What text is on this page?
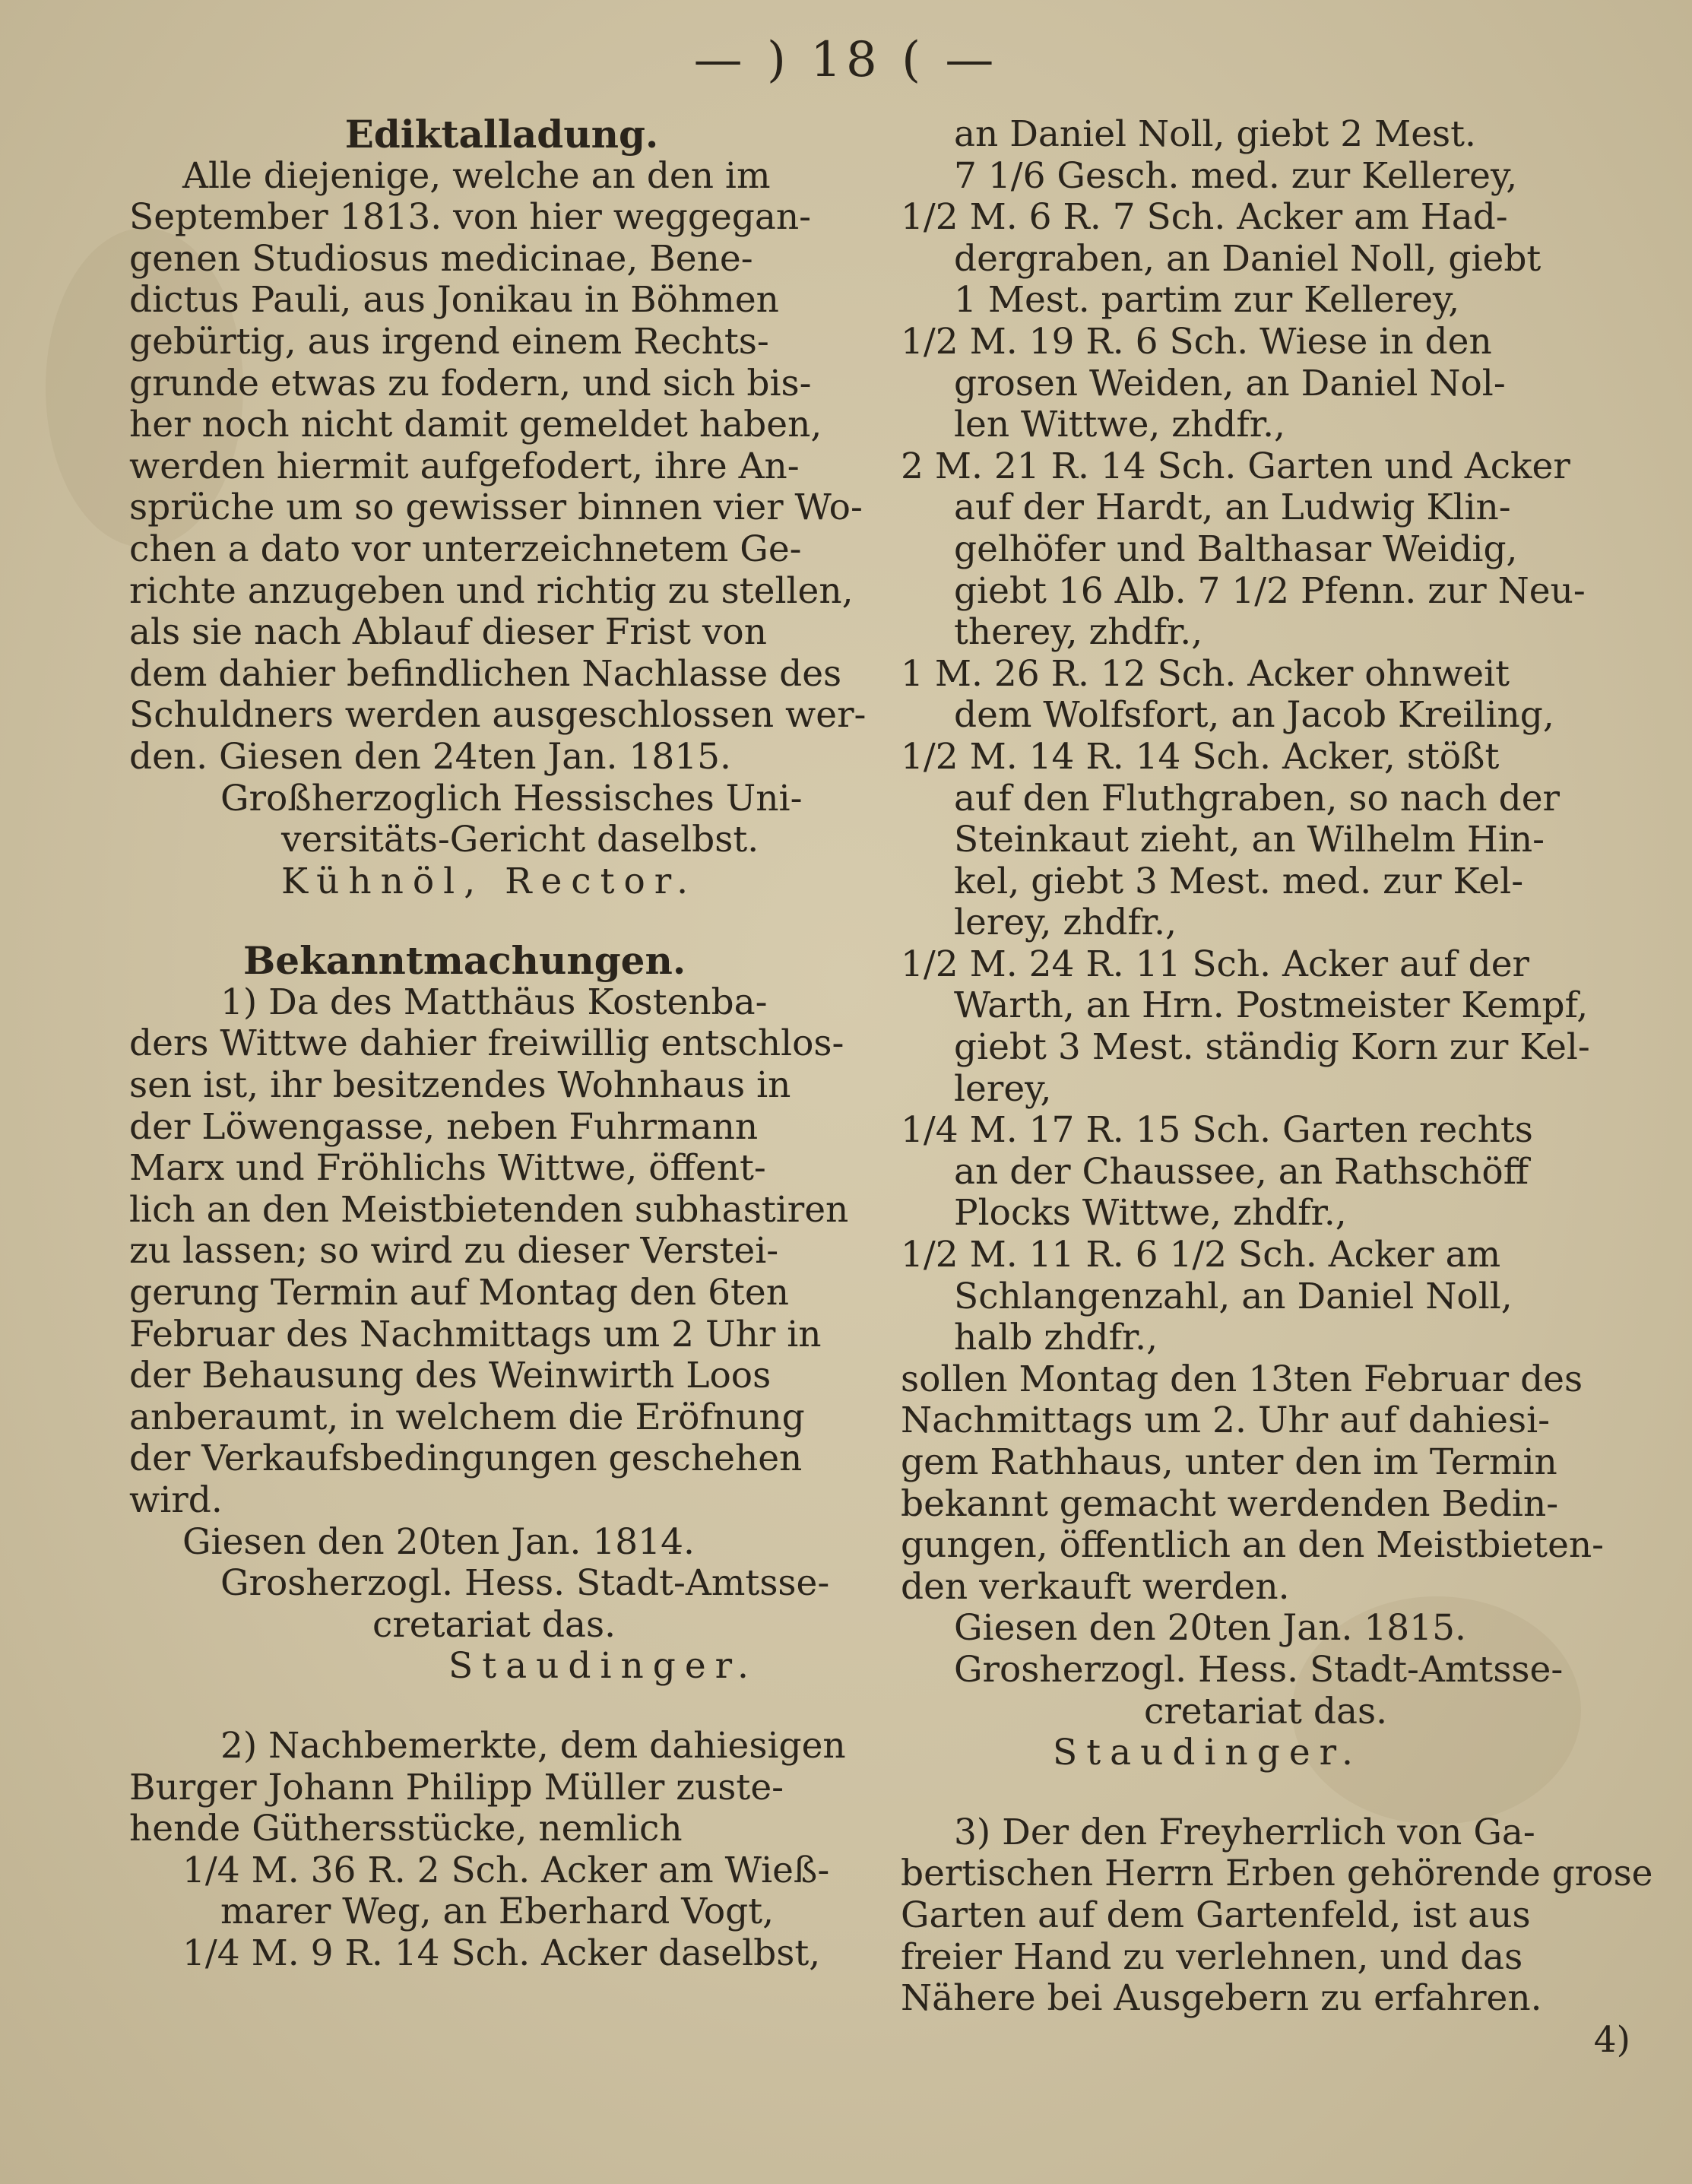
— ) 18 ( —
Ediktalladung.
Alle diejenige, welche an den im
September 1813. von hier weggegan-
genen Studiosus medicinae, Bene-
dictus Pauli, aus Jonikau in Böhmen
gebürtig, aus irgend einem Rechts-
grunde etwas zu fodern, und sich bis-
her noch nicht damit gemeldet haben,
werden hiermit aufgefodert, ihre An-
sprüche um so gewisser binnen vier Wo-
chen a dato vor unterzeichnetem Ge-
richte anzugeben und richtig zu stellen,
als sie nach Ablauf dieser Frist von
dem dahier befindlichen Nachlasse des
Schuldners werden ausgeschlossen wer-
den. Giesen den 24ten Jan. 1815.
Großherzoglich Hessisches Uni-
versitäts-Gericht daselbst.
Kühnöl, Rector.
Bekanntmachungen.
1) Da des Matthäus Kostenba-
ders Wittwe dahier freiwillig entschlos-
sen ist, ihr besitzendes Wohnhaus in
der Löwengasse, neben Fuhrmann
Marx und Fröhlichs Wittwe, öffent-
lich an den Meistbietenden subhastiren
zu lassen; so wird zu dieser Verstei-
gerung Termin auf Montag den 6ten
Februar des Nachmittags um 2 Uhr in
der Behausung des Weinwirth Loos
anberaumt, in welchem die Eröfnung
der Verkaufsbedingungen geschehen
wird.
Giesen den 20ten Jan. 1814.
Grosherzogl. Hess. Stadt-Amtsse-
cretariat das.
Staudinger.
2) Nachbemerkte, dem dahiesigen
Burger Johann Philipp Müller zuste-
hende Güthersstücke, nemlich
1/4 M. 36 R. 2 Sch. Acker am Wieß-
marer Weg, an Eberhard Vogt,
1/4 M. 9 R. 14 Sch. Acker daselbst,
an Daniel Noll, giebt 2 Mest.
7 1/6 Gesch. med. zur Kellerey,
1/2 M. 6 R. 7 Sch. Acker am Had-
dergraben, an Daniel Noll, giebt
1 Mest. partim zur Kellerey,
1/2 M. 19 R. 6 Sch. Wiese in den
grosen Weiden, an Daniel Nol-
len Wittwe, zhdfr.,
2 M. 21 R. 14 Sch. Garten und Acker
auf der Hardt, an Ludwig Klin-
gelhöfer und Balthasar Weidig,
giebt 16 Alb. 7 1/2 Pfenn. zur Neu-
therey, zhdfr.,
1 M. 26 R. 12 Sch. Acker ohnweit
dem Wolfsfort, an Jacob Kreiling,
1/2 M. 14 R. 14 Sch. Acker, stößt
auf den Fluthgraben, so nach der
Steinkaut zieht, an Wilhelm Hin-
kel, giebt 3 Mest. med. zur Kel-
lerey, zhdfr.,
1/2 M. 24 R. 11 Sch. Acker auf der
Warth, an Hrn. Postmeister Kempf,
giebt 3 Mest. ständig Korn zur Kel-
lerey,
1/4 M. 17 R. 15 Sch. Garten rechts
an der Chaussee, an Rathschöff
Plocks Wittwe, zhdfr.,
1/2 M. 11 R. 6 1/2 Sch. Acker am
Schlangenzahl, an Daniel Noll,
halb zhdfr.,
sollen Montag den 13ten Februar des
Nachmittags um 2. Uhr auf dahiesi-
gem Rathhaus, unter den im Termin
bekannt gemacht werdenden Bedin-
gungen, öffentlich an den Meistbieten-
den verkauft werden.
Giesen den 20ten Jan. 1815.
Grosherzogl. Hess. Stadt-Amtsse-
cretariat das.
Staudinger.
3) Der den Freyherrlich von Ga-
bertischen Herrn Erben gehörende grose
Garten auf dem Gartenfeld, ist aus
freier Hand zu verlehnen, und das
Nähere bei Ausgebern zu erfahren.
4)
